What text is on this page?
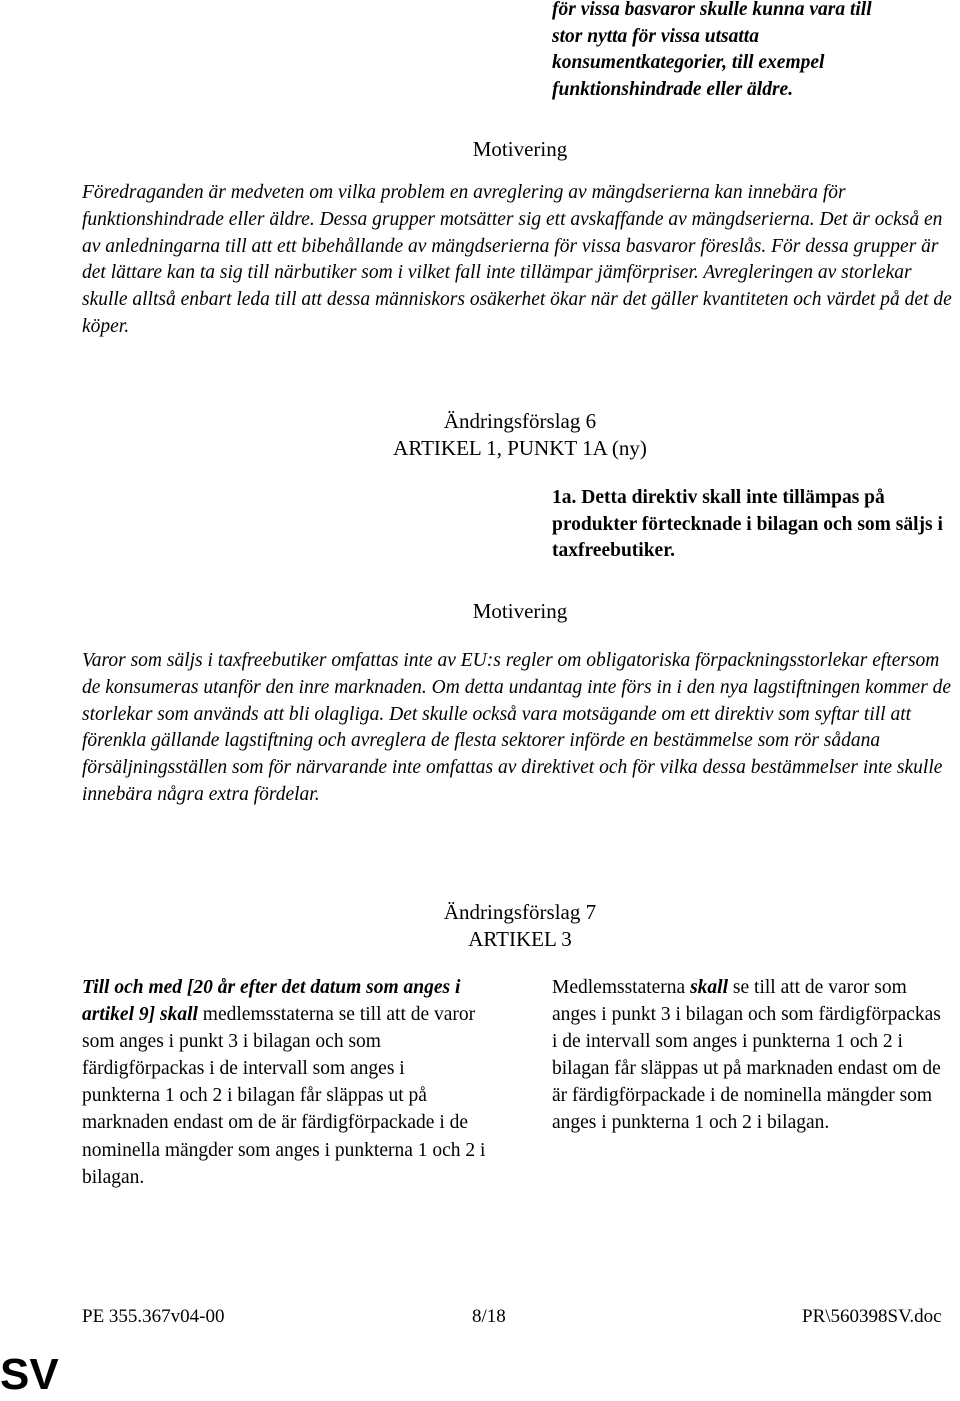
för vissa basvaror skulle kunna vara till
stor nytta för vissa utsatta
konsumentkategorier, till exempel
funktionshindrade eller äldre.
Motivering
Föredraganden är medveten om vilka problem en avreglering av mängdserierna kan innebära för funktionshindrade eller äldre. Dessa grupper motsätter sig ett avskaffande av mängdserierna. Det är också en av anledningarna till att ett bibehållande av mängdserierna för vissa basvaror föreslås. För dessa grupper är det lättare kan ta sig till närbutiker som i vilket fall inte tillämpar jämförpriser. Avregleringen av storlekar skulle alltså enbart leda till att dessa människors osäkerhet ökar när det gäller kvantiteten och värdet på det de köper.
Ändringsförslag 6
ARTIKEL 1, PUNKT 1A (ny)
1a. Detta direktiv skall inte tillämpas på produkter förtecknade i bilagan och som säljs i taxfreebutiker.
Motivering
Varor som säljs i taxfreebutiker omfattas inte av EU:s regler om obligatoriska förpackningsstorlekar eftersom de konsumeras utanför den inre marknaden. Om detta undantag inte förs in i den nya lagstiftningen kommer de storlekar som används att bli olagliga. Det skulle också vara motsägande om ett direktiv som syftar till att förenkla gällande lagstiftning och avreglera de flesta sektorer införde en bestämmelse som rör sådana försäljningsställen som för närvarande inte omfattas av direktivet och för vilka dessa bestämmelser inte skulle innebära några extra fördelar.
Ändringsförslag 7
ARTIKEL 3
Till och med [20 år efter det datum som anges i artikel 9] skall medlemsstaterna se till att de varor som anges i punkt 3 i bilagan och som färdigförpackas i de intervall som anges i punkterna 1 och 2 i bilagan får släppas ut på marknaden endast om de är färdigförpackade i de nominella mängder som anges i punkterna 1 och 2 i bilagan.
Medlemsstaterna skall se till att de varor som anges i punkt 3 i bilagan och som färdigförpackas i de intervall som anges i punkterna 1 och 2 i bilagan får släppas ut på marknaden endast om de är färdigförpackade i de nominella mängder som anges i punkterna 1 och 2 i bilagan.
PE 355.367v04-00	8/18	PR\560398SV.doc
SV
